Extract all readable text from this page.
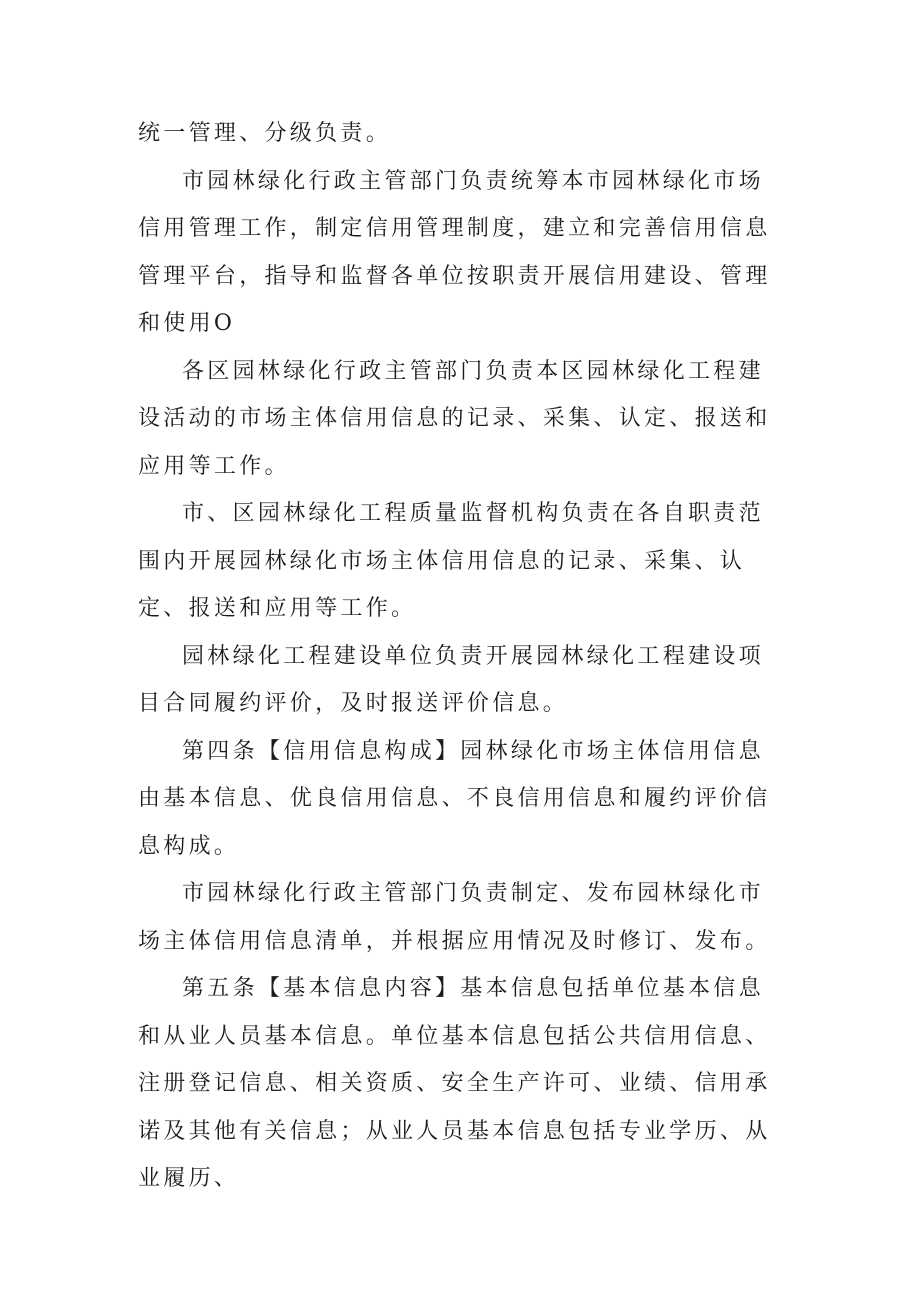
统一管理、分级负责。

市园林绿化行政主管部门负责统筹本市园林绿化市场信用管理工作，制定信用管理制度，建立和完善信用信息管理平台，指导和监督各单位按职责开展信用建设、管理和使用O

各区园林绿化行政主管部门负责本区园林绿化工程建设活动的市场主体信用信息的记录、采集、认定、报送和应用等工作。

市、区园林绿化工程质量监督机构负责在各自职责范围内开展园林绿化市场主体信用信息的记录、采集、认定、报送和应用等工作。

园林绿化工程建设单位负责开展园林绿化工程建设项目合同履约评价，及时报送评价信息。

第四条【信用信息构成】园林绿化市场主体信用信息由基本信息、优良信用信息、不良信用信息和履约评价信息构成。

市园林绿化行政主管部门负责制定、发布园林绿化市场主体信用信息清单，并根据应用情况及时修订、发布。

第五条【基本信息内容】基本信息包括单位基本信息和从业人员基本信息。单位基本信息包括公共信用信息、注册登记信息、相关资质、安全生产许可、业绩、信用承诺及其他有关信息；从业人员基本信息包括专业学历、从业履历、
